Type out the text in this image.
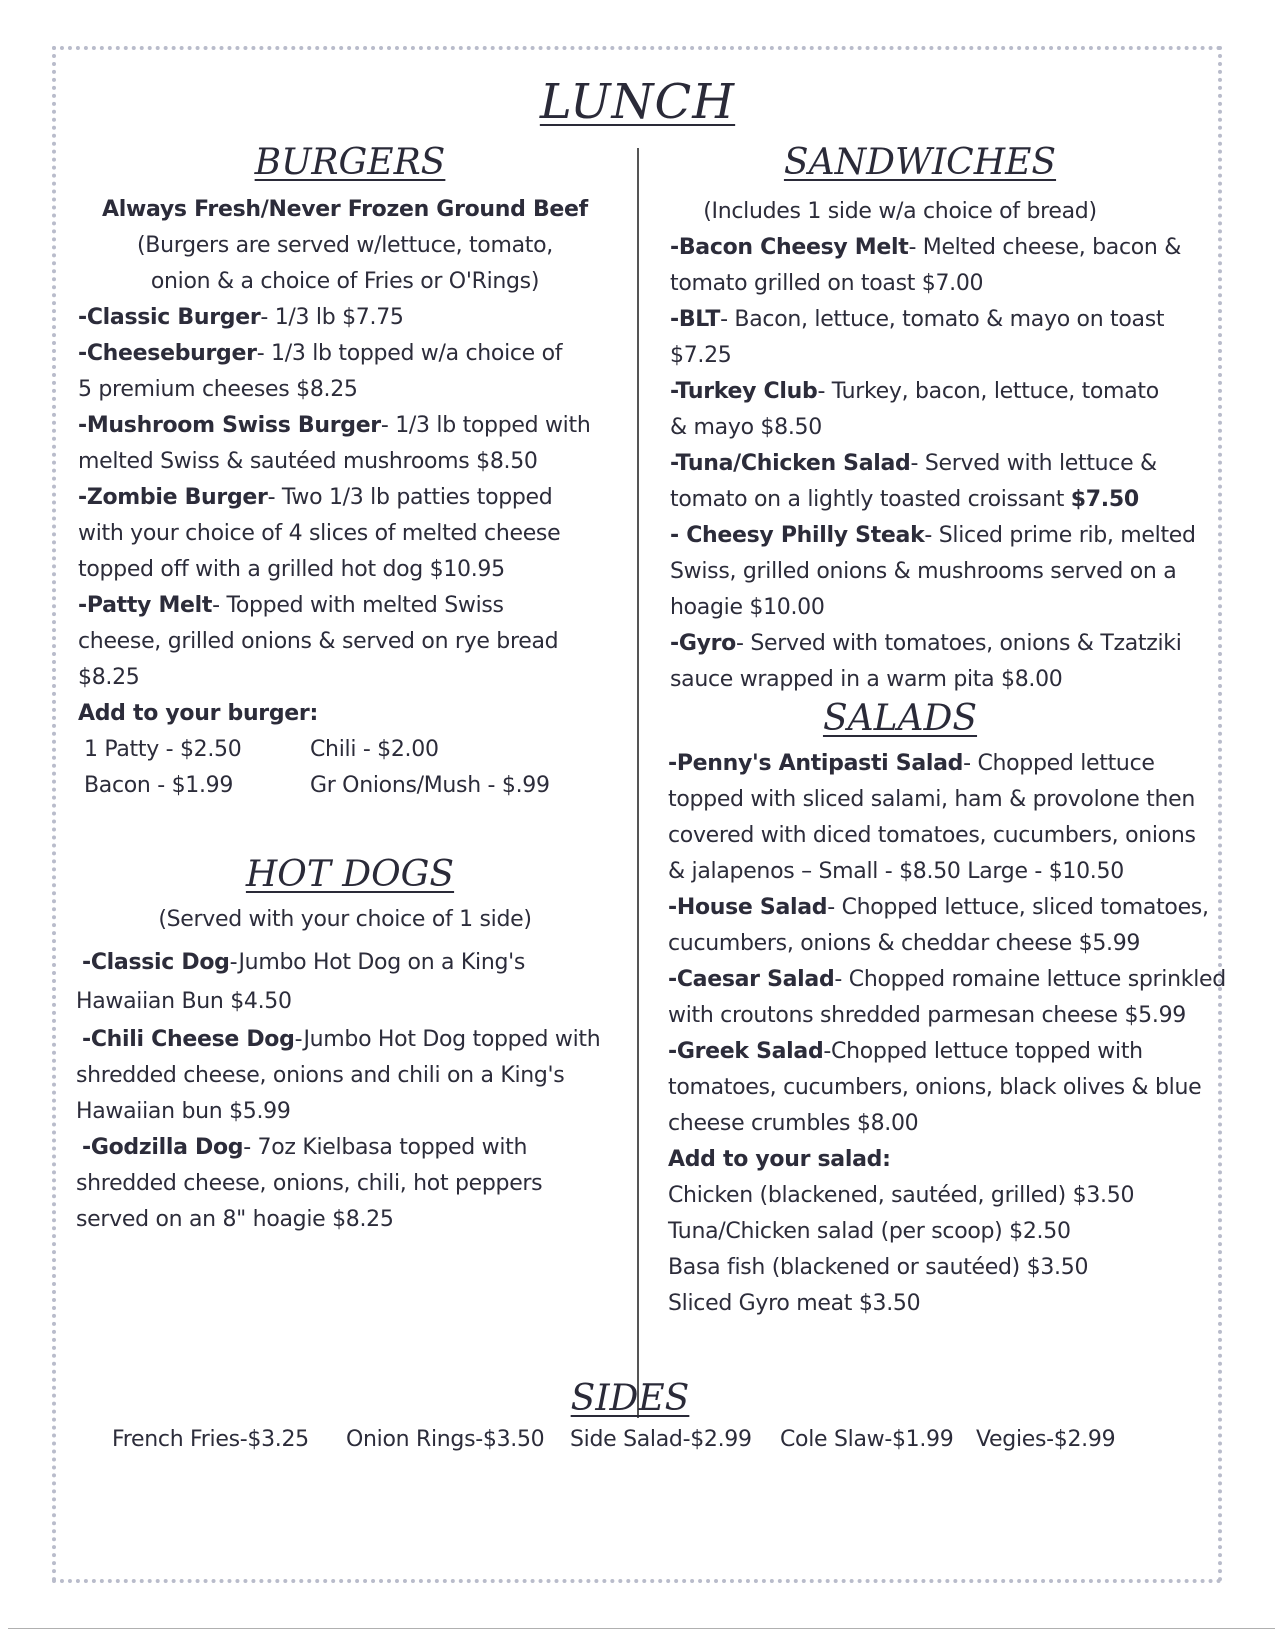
LUNCH
BURGERS
Always Fresh/Never Frozen Ground Beef
(Burgers are served w/lettuce, tomato,
onion & a choice of Fries or O'Rings)
-Classic Burger- 1/3 lb $7.75
-Cheeseburger- 1/3 lb topped w/a choice of
5 premium cheeses $8.25
-Mushroom Swiss Burger- 1/3 lb topped with
melted Swiss & sautéed mushrooms $8.50
-Zombie Burger- Two 1/3 lb patties topped
with your choice of 4 slices of melted cheese
topped off with a grilled hot dog $10.95
-Patty Melt- Topped with melted Swiss
cheese, grilled onions & served on rye bread
$8.25
Add to your burger:
1 Patty - $2.50	Chili - $2.00
Bacon - $1.99	Gr Onions/Mush - $.99
HOT DOGS
(Served with your choice of 1 side)
-Classic Dog-Jumbo Hot Dog on a King's
Hawaiian Bun $4.50
-Chili Cheese Dog-Jumbo Hot Dog topped with
shredded cheese, onions and chili on a King's
Hawaiian bun $5.99
-Godzilla Dog- 7oz Kielbasa topped with
shredded cheese, onions, chili, hot peppers
served on an 8" hoagie $8.25
SANDWICHES
(Includes 1 side w/a choice of bread)
-Bacon Cheesy Melt- Melted cheese, bacon &
tomato grilled on toast $7.00
-BLT- Bacon, lettuce, tomato & mayo on toast
$7.25
-Turkey Club- Turkey, bacon, lettuce, tomato
& mayo $8.50
-Tuna/Chicken Salad- Served with lettuce &
tomato on a lightly toasted croissant $7.50
- Cheesy Philly Steak- Sliced prime rib, melted
Swiss, grilled onions & mushrooms served on a
hoagie $10.00
-Gyro- Served with tomatoes, onions & Tzatziki
sauce wrapped in a warm pita $8.00
SALADS
-Penny's Antipasti Salad- Chopped lettuce
topped with sliced salami, ham & provolone then
covered with diced tomatoes, cucumbers, onions
& jalapenos – Small - $8.50 Large - $10.50
-House Salad- Chopped lettuce, sliced tomatoes,
cucumbers, onions & cheddar cheese $5.99
-Caesar Salad- Chopped romaine lettuce sprinkled
with croutons shredded parmesan cheese $5.99
-Greek Salad-Chopped lettuce topped with
tomatoes, cucumbers, onions, black olives & blue
cheese crumbles $8.00
Add to your salad:
Chicken (blackened, sautéed, grilled) $3.50
Tuna/Chicken salad (per scoop) $2.50
Basa fish (blackened or sautéed) $3.50
Sliced Gyro meat $3.50
SIDES
French Fries-$3.25 Onion Rings-$3.50 Side Salad-$2.99 Cole Slaw-$1.99 Vegies-$2.99
